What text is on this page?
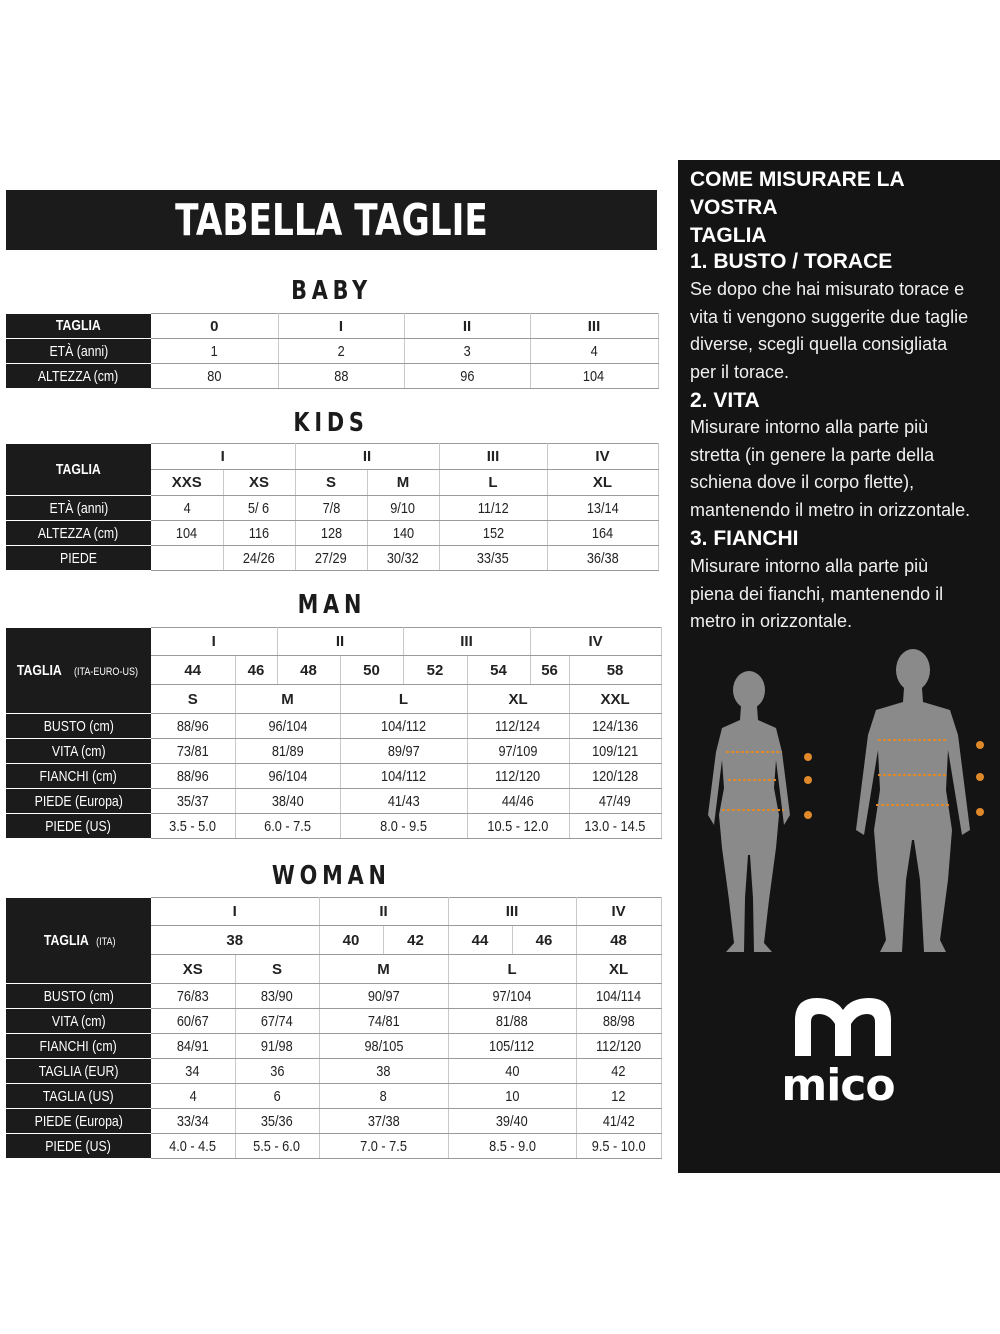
TABELLA TAGLIE
BABY
TAGLIA	0	I	II	III
ETÀ (anni)	1	2	3	4
ALTEZZA (cm)	80	88	96	104
KIDS
TAGLIA	I		II		III	IV
	XXS	XS	S	M	L	XL
ETÀ (anni)	4	5/ 6	7/8	9/10	11/12	13/14
ALTEZZA (cm)	104	116	128	140	152	164
PIEDE		24/26	27/29	30/32	33/35	36/38
MAN
TAGLIA (ITA-EURO-US)	I		II		III		IV	
	44	46	48	50	52	54	56	58
	S	M		L		XL		XXL
BUSTO (cm)	88/96	96/104		104/112		112/124		124/136
VITA (cm)	73/81	81/89		89/97		97/109		109/121
FIANCHI (cm)	88/96	96/104		104/112		112/120		120/128
PIEDE (Europa)	35/37	38/40		41/43		44/46		47/49
PIEDE (US)	3.5 - 5.0	6.0 - 7.5		8.0 - 9.5		10.5 - 12.0		13.0 - 14.5
WOMAN
TAGLIA (ITA)	I		II		III		IV
	38		40	42	44	46	48
	XS	S	M		L		XL
BUSTO (cm)	76/83	83/90	90/97		97/104		104/114
VITA (cm)	60/67	67/74	74/81		81/88		88/98
FIANCHI (cm)	84/91	91/98	98/105		105/112		112/120
TAGLIA (EUR)	34	36	38		40		42
TAGLIA (US)	4	6	8		10		12
PIEDE (Europa)	33/34	35/36	37/38		39/40		41/42
PIEDE (US)	4.0 - 4.5	5.5 - 6.0	7.0 - 7.5		8.5 - 9.0		9.5 - 10.0
COME MISURARE LA VOSTRA
TAGLIA
1. BUSTO / TORACE
Se dopo che hai misurato torace e
vita ti vengono suggerite due taglie
diverse, scegli quella consigliata
per il torace.
2. VITA
Misurare intorno alla parte più
stretta (in genere la parte della
schiena dove il corpo flette),
mantenendo il metro in orizzontale.
3. FIANCHI
Misurare intorno alla parte più
piena dei fianchi, mantenendo il
metro in orizzontale.
mico
